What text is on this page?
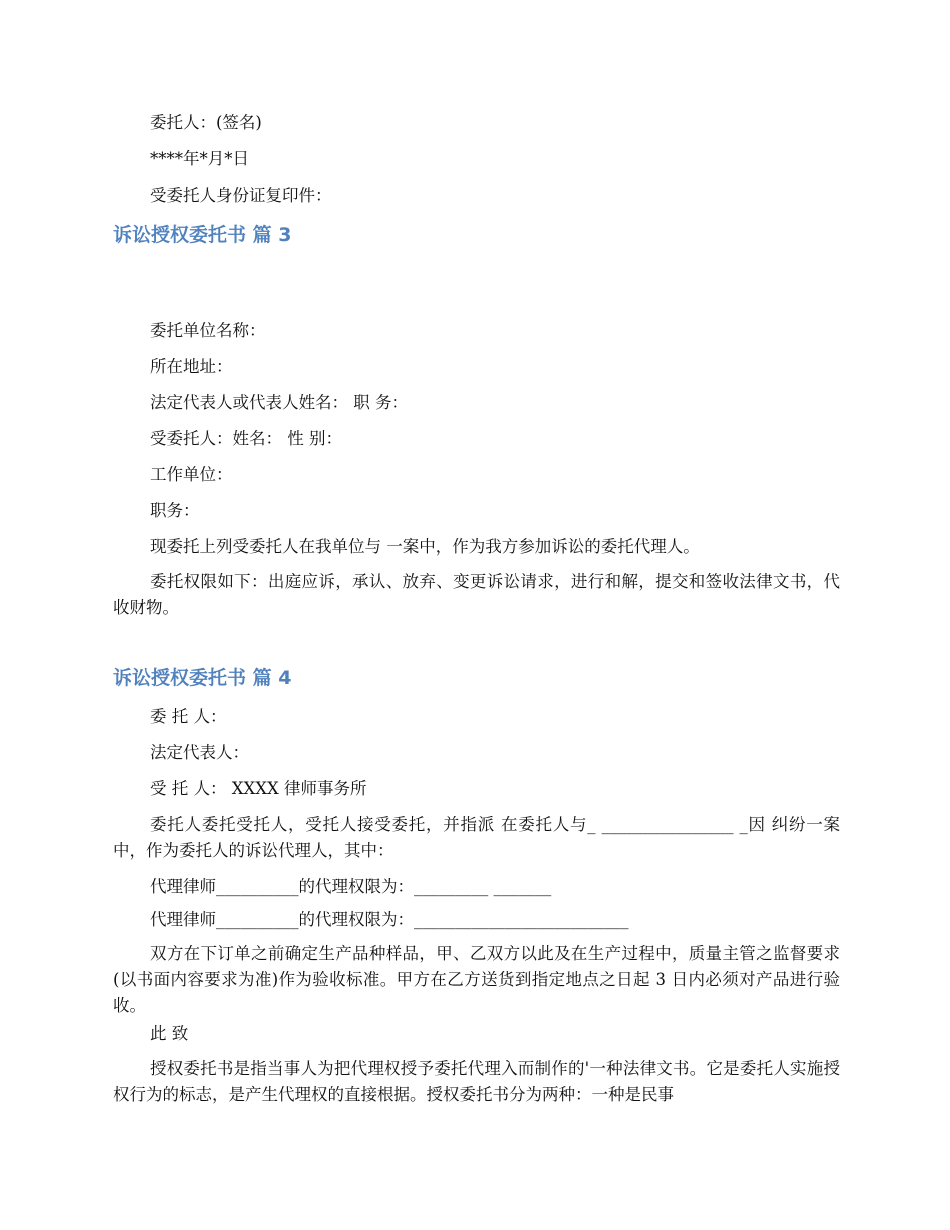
委托人：(签名)

****年*月*日

受委托人身份证复印件：

诉讼授权委托书 篇 3

委托单位名称：

所在地址：

法定代表人或代表人姓名： 职 务：

受委托人：姓名： 性 别：

工作单位：

职务：

现委托上列受委托人在我单位与 一案中，作为我方参加诉讼的委托代理人。

委托权限如下：出庭应诉，承认、放弃、变更诉讼请求，进行和解，提交和签收法律文书，代收财物。

诉讼授权委托书 篇 4

委 托 人：

法定代表人：

受 托 人： XXXX 律师事务所

委托人委托受托人，受托人接受委托，并指派 在委托人与_ ________________ _因 纠纷一案中，作为委托人的诉讼代理人，其中：

代理律师__________的代理权限为：_________ _______

代理律师__________的代理权限为：__________________________

双方在下订单之前确定生产品种样品，甲、乙双方以此及在生产过程中，质量主管之监督要求(以书面内容要求为准)作为验收标准。甲方在乙方送货到指定地点之日起 3 日内必须对产品进行验收。

此 致

授权委托书是指当事人为把代理权授予委托代理入而制作的'一种法律文书。它是委托人实施授权行为的标志，是产生代理权的直接根据。授权委托书分为两种：一种是民事
